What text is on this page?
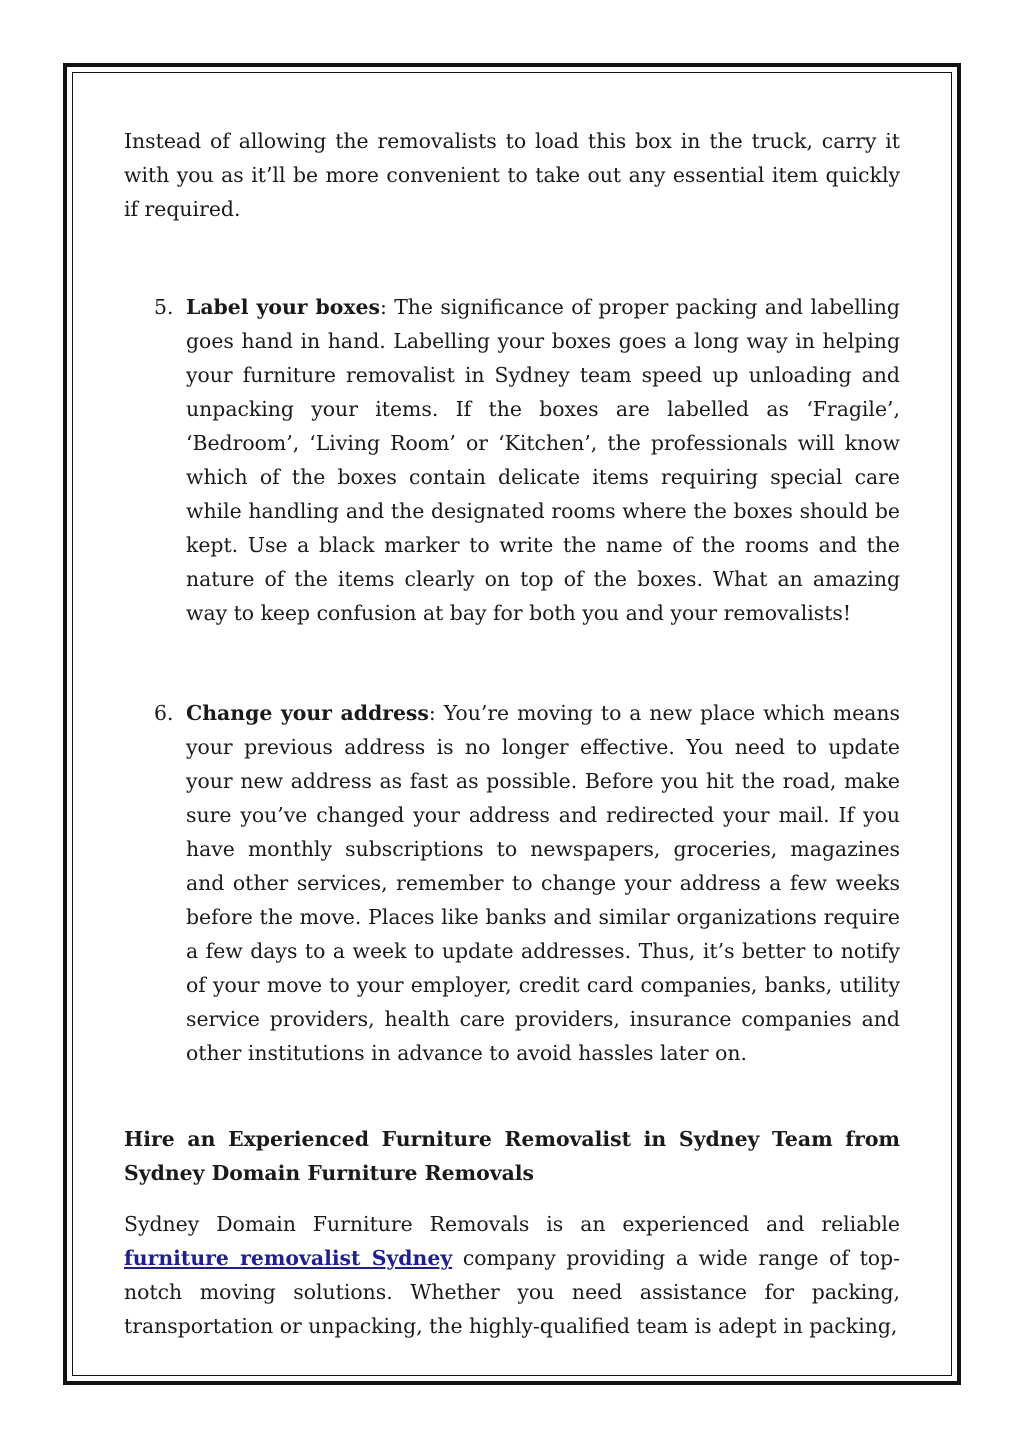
Instead of allowing the removalists to load this box in the truck, carry it with you as it’ll be more convenient to take out any essential item quickly if required.

5. Label your boxes: The significance of proper packing and labelling goes hand in hand. Labelling your boxes goes a long way in helping your furniture removalist in Sydney team speed up unloading and unpacking your items. If the boxes are labelled as ‘Fragile’, ‘Bedroom’, ‘Living Room’ or ‘Kitchen’, the professionals will know which of the boxes contain delicate items requiring special care while handling and the designated rooms where the boxes should be kept. Use a black marker to write the name of the rooms and the nature of the items clearly on top of the boxes. What an amazing way to keep confusion at bay for both you and your removalists!
6. Change your address: You’re moving to a new place which means your previous address is no longer effective. You need to update your new address as fast as possible. Before you hit the road, make sure you’ve changed your address and redirected your mail. If you have monthly subscriptions to newspapers, groceries, magazines and other services, remember to change your address a few weeks before the move. Places like banks and similar organizations require a few days to a week to update addresses. Thus, it’s better to notify of your move to your employer, credit card companies, banks, utility service providers, health care providers, insurance companies and other institutions in advance to avoid hassles later on.

Hire an Experienced Furniture Removalist in Sydney Team from Sydney Domain Furniture Removals

Sydney Domain Furniture Removals is an experienced and reliable furniture removalist Sydney company providing a wide range of top-notch moving solutions. Whether you need assistance for packing, transportation or unpacking, the highly-qualified team is adept in packing,
